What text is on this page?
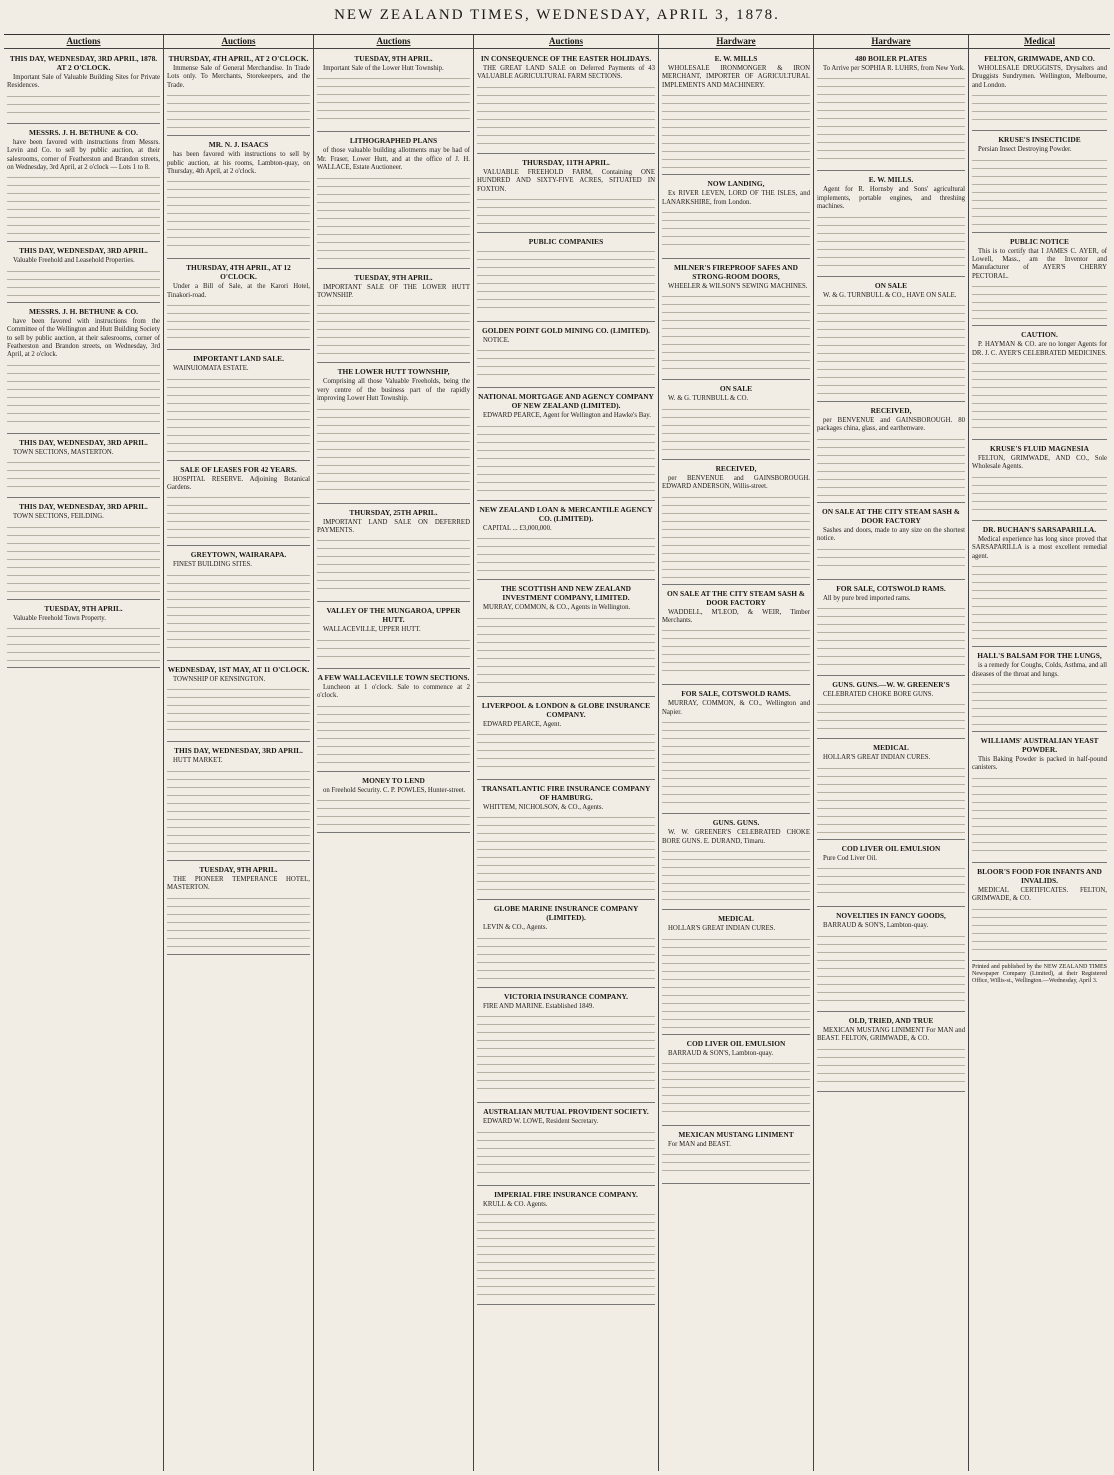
NEW ZEALAND TIMES, WEDNESDAY, APRIL 3, 1878.
Auctions
THIS DAY, WEDNESDAY, 3RD APRIL, 1878. AT 2 O'CLOCK.
Important Sale of Valuable Building Sites for Private Residences.
MESSRS. J. H. BETHUNE & CO.
have been favored with instructions from Messrs. Levin and Co. to sell by public auction, at their salesrooms, corner of Featherston and Brandon streets, on Wednesday, 3rd April, at 2 o'clock — Lots 1 to 8.
THIS DAY, WEDNESDAY, 3RD APRIL.
Valuable Freehold and Leasehold Properties.
MESSRS. J. H. BETHUNE & CO.
have been favored with instructions from the Committee of the Wellington and Hutt Building Society to sell by public auction, at their salesrooms, corner of Featherston and Brandon streets, on Wednesday, 3rd April, at 2 o'clock.
THIS DAY, WEDNESDAY, 3RD APRIL.
TOWN SECTIONS, MASTERTON.
THIS DAY, WEDNESDAY, 3RD APRIL.
TOWN SECTIONS, FEILDING.
TUESDAY, 9TH APRIL.
Valuable Freehold Town Property.
Auctions
THURSDAY, 4TH APRIL, AT 2 O'CLOCK.
Immense Sale of General Merchandise. In Trade Lots only. To Merchants, Storekeepers, and the Trade.
MR. N. J. ISAACS
has been favored with instructions to sell by public auction, at his rooms, Lambton-quay, on Thursday, 4th April, at 2 o'clock.
THURSDAY, 4TH APRIL, AT 12 O'CLOCK.
Under a Bill of Sale, at the Karori Hotel, Tinakori-road.
IMPORTANT LAND SALE.
WAINUIOMATA ESTATE.
SALE OF LEASES FOR 42 YEARS.
HOSPITAL RESERVE. Adjoining Botanical Gardens.
GREYTOWN, WAIRARAPA.
FINEST BUILDING SITES.
WEDNESDAY, 1ST MAY, AT 11 O'CLOCK.
TOWNSHIP OF KENSINGTON.
THIS DAY, WEDNESDAY, 3RD APRIL.
HUTT MARKET.
TUESDAY, 9TH APRIL.
THE PIONEER TEMPERANCE HOTEL, MASTERTON.
Auctions
TUESDAY, 9TH APRIL.
Important Sale of the Lower Hutt Township.
LITHOGRAPHED PLANS
of those valuable building allotments may be had of Mr. Fraser, Lower Hutt, and at the office of J. H. WALLACE, Estate Auctioneer.
TUESDAY, 9TH APRIL.
IMPORTANT SALE OF THE LOWER HUTT TOWNSHIP.
THE LOWER HUTT TOWNSHIP,
Comprising all those Valuable Freeholds, being the very centre of the business part of the rapidly improving Lower Hutt Township.
THURSDAY, 25TH APRIL.
IMPORTANT LAND SALE ON DEFERRED PAYMENTS.
VALLEY OF THE MUNGAROA, UPPER HUTT.
WALLACEVILLE, UPPER HUTT.
A FEW WALLACEVILLE TOWN SECTIONS.
Luncheon at 1 o'clock. Sale to commence at 2 o'clock.
MONEY TO LEND
on Freehold Security. C. P. POWLES, Hunter-street.
Auctions
IN CONSEQUENCE OF THE EASTER HOLIDAYS.
THE GREAT LAND SALE on Deferred Payments of 43 VALUABLE AGRICULTURAL FARM SECTIONS.
THURSDAY, 11TH APRIL.
VALUABLE FREEHOLD FARM, Containing ONE HUNDRED AND SIXTY-FIVE ACRES, SITUATED IN FOXTON.
PUBLIC COMPANIES
GOLDEN POINT GOLD MINING CO. (LIMITED).
NOTICE.
NATIONAL MORTGAGE AND AGENCY COMPANY OF NEW ZEALAND (LIMITED).
EDWARD PEARCE, Agent for Wellington and Hawke's Bay.
NEW ZEALAND LOAN & MERCANTILE AGENCY CO. (LIMITED).
CAPITAL ... £3,000,000.
THE SCOTTISH AND NEW ZEALAND INVESTMENT COMPANY, LIMITED.
MURRAY, COMMON, & CO., Agents in Wellington.
LIVERPOOL & LONDON & GLOBE INSURANCE COMPANY.
EDWARD PEARCE, Agent.
TRANSATLANTIC FIRE INSURANCE COMPANY OF HAMBURG.
WHITTEM, NICHOLSON, & CO., Agents.
GLOBE MARINE INSURANCE COMPANY (LIMITED).
LEVIN & CO., Agents.
VICTORIA INSURANCE COMPANY.
FIRE AND MARINE. Established 1849.
AUSTRALIAN MUTUAL PROVIDENT SOCIETY.
EDWARD W. LOWE, Resident Secretary.
IMPERIAL FIRE INSURANCE COMPANY.
KRULL & CO. Agents.
Hardware
E. W. MILLS
WHOLESALE IRONMONGER & IRON MERCHANT, IMPORTER OF AGRICULTURAL IMPLEMENTS AND MACHINERY.
NOW LANDING,
Ex RIVER LEVEN, LORD OF THE ISLES, and LANARKSHIRE, from London.
MILNER'S FIREPROOF SAFES AND STRONG-ROOM DOORS,
WHEELER & WILSON'S SEWING MACHINES.
ON SALE
W. & G. TURNBULL & CO.
RECEIVED,
per BENVENUE and GAINSBOROUGH. EDWARD ANDERSON, Willis-street.
ON SALE AT THE CITY STEAM SASH & DOOR FACTORY
WADDELL, M'LEOD, & WEIR, Timber Merchants.
FOR SALE, COTSWOLD RAMS.
MURRAY, COMMON, & CO., Wellington and Napier.
GUNS. GUNS.
W. W. GREENER'S CELEBRATED CHOKE BORE GUNS. E. DURAND, Timaru.
MEDICAL
HOLLAR'S GREAT INDIAN CURES.
COD LIVER OIL EMULSION
BARRAUD & SON'S, Lambton-quay.
MEXICAN MUSTANG LINIMENT
For MAN and BEAST.
Hardware
480 BOILER PLATES
To Arrive per SOPHIA R. LUHRS, from New York.
E. W. MILLS.
Agent for R. Hornsby and Sons' agricultural implements, portable engines, and threshing machines.
ON SALE
W. & G. TURNBULL & CO., HAVE ON SALE.
RECEIVED,
per BENVENUE and GAINSBOROUGH. 80 packages china, glass, and earthenware.
ON SALE AT THE CITY STEAM SASH & DOOR FACTORY
Sashes and doors, made to any size on the shortest notice.
FOR SALE, COTSWOLD RAMS.
All by pure bred imported rams.
GUNS. GUNS.—W. W. GREENER'S
CELEBRATED CHOKE BORE GUNS.
MEDICAL
HOLLAR'S GREAT INDIAN CURES.
COD LIVER OIL EMULSION
Pure Cod Liver Oil.
NOVELTIES IN FANCY GOODS,
BARRAUD & SON'S, Lambton-quay.
OLD, TRIED, AND TRUE
MEXICAN MUSTANG LINIMENT For MAN and BEAST. FELTON, GRIMWADE, & CO.
Medical
FELTON, GRIMWADE, AND CO.
WHOLESALE DRUGGISTS, Drysalters and Druggists Sundrymen. Wellington, Melbourne, and London.
KRUSE'S INSECTICIDE
Persian Insect Destroying Powder.
PUBLIC NOTICE
This is to certify that I JAMES C. AYER, of Lowell, Mass., am the Inventor and Manufacturer of AYER'S CHERRY PECTORAL.
CAUTION.
P. HAYMAN & CO. are no longer Agents for DR. J. C. AYER'S CELEBRATED MEDICINES.
KRUSE'S FLUID MAGNESIA
FELTON, GRIMWADE, AND CO., Sole Wholesale Agents.
DR. BUCHAN'S SARSAPARILLA.
Medical experience has long since proved that SARSAPARILLA is a most excellent remedial agent.
HALL'S BALSAM FOR THE LUNGS,
is a remedy for Coughs, Colds, Asthma, and all diseases of the throat and lungs.
WILLIAMS' AUSTRALIAN YEAST POWDER.
This Baking Powder is packed in half-pound canisters.
BLOOR'S FOOD FOR INFANTS AND INVALIDS.
MEDICAL CERTIFICATES. FELTON, GRIMWADE, & CO.
Printed and published by the NEW ZEALAND TIMES Newspaper Company (Limited), at their Registered Office, Willis-st., Wellington.—Wednesday, April 3.
